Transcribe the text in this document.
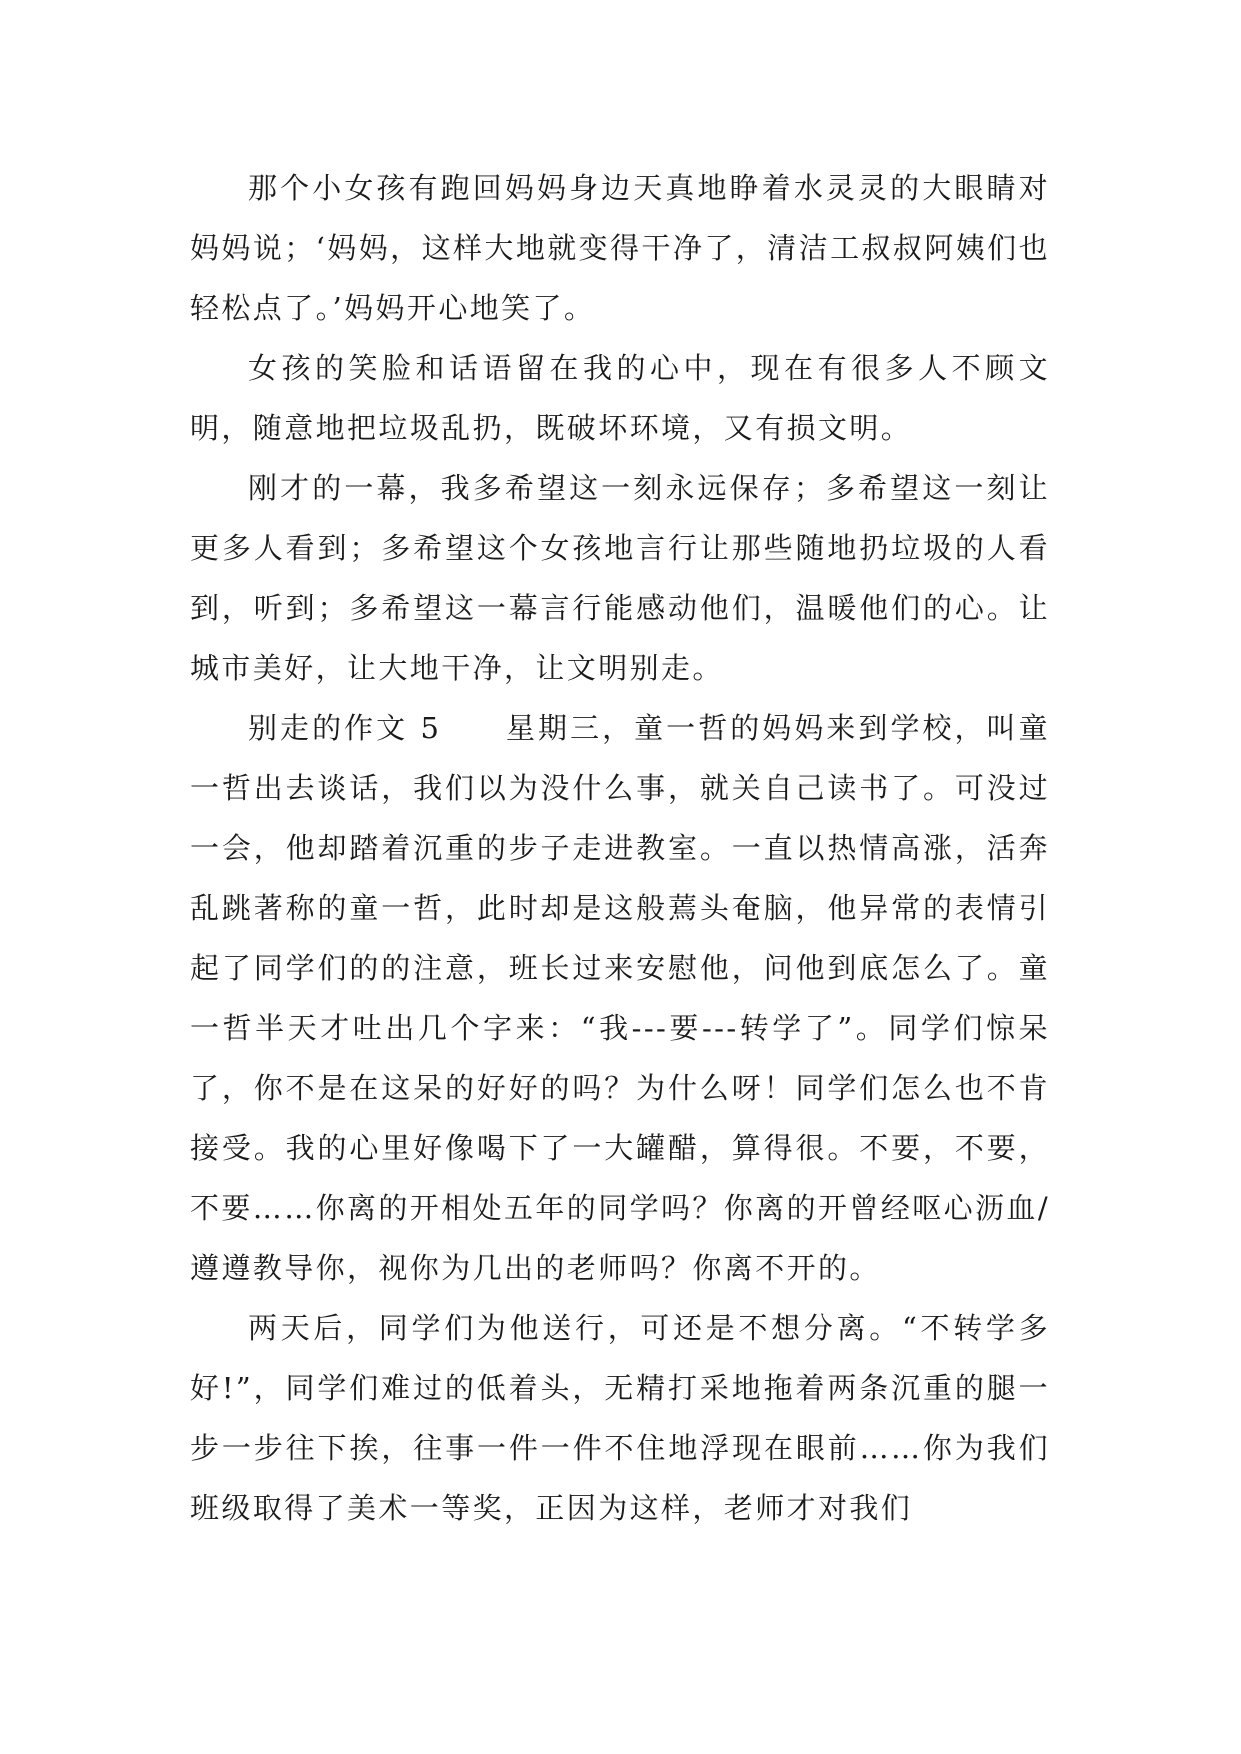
那个小女孩有跑回妈妈身边天真地睁着水灵灵的大眼睛对妈妈说；‘妈妈，这样大地就变得干净了，清洁工叔叔阿姨们也轻松点了。’妈妈开心地笑了。

女孩的笑脸和话语留在我的心中，现在有很多人不顾文明，随意地把垃圾乱扔，既破坏环境，又有损文明。

刚才的一幕，我多希望这一刻永远保存；多希望这一刻让更多人看到；多希望这个女孩地言行让那些随地扔垃圾的人看到，听到；多希望这一幕言行能感动他们，温暖他们的心。让城市美好，让大地干净，让文明别走。

别走的作文 5　　星期三，童一哲的妈妈来到学校，叫童一哲出去谈话，我们以为没什么事，就关自己读书了。可没过一会，他却踏着沉重的步子走进教室。一直以热情高涨，活奔乱跳著称的童一哲，此时却是这般蔫头奄脑，他异常的表情引起了同学们的的注意，班长过来安慰他，问他到底怎么了。童一哲半天才吐出几个字来：“我---要---转学了”。同学们惊呆了，你不是在这呆的好好的吗？为什么呀！同学们怎么也不肯接受。我的心里好像喝下了一大罐醋，算得很。不要，不要，不要……你离的开相处五年的同学吗？你离的开曾经呕心沥血/遵遵教导你，视你为几出的老师吗？你离不开的。

两天后，同学们为他送行，可还是不想分离。“不转学多好!”，同学们难过的低着头，无精打采地拖着两条沉重的腿一步一步往下挨，往事一件一件不住地浮现在眼前……你为我们班级取得了美术一等奖，正因为这样，老师才对我们
